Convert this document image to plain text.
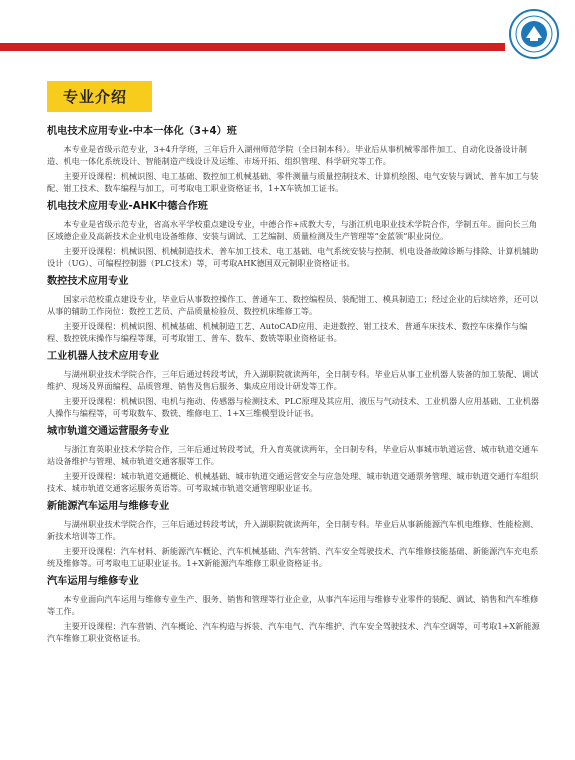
专业介绍
机电技术应用专业-中本一体化（3+4）班

本专业是省级示范专业，3+4升学班，三年后升入湖州师范学院（全日制本科）。毕业后从事机械零部件加工、自动化设备设计制造、机电一体化系统设计、智能制造产线设计及运维、市场开拓、组织管理、科学研究等工作。

主要开设课程：机械识图、电工基础、数控加工机械基础、零件测量与质量控制技术、计算机绘图、电气安装与调试、普车加工与装配、钳工技术、数车编程与加工，可考取电工职业资格证书，1+X车铣加工证书。

机电技术应用专业-AHK中德合作班

本专业是省级示范专业，省高水平学校重点建设专业，中德合作+成教大专，与浙江机电职业技术学院合作，学制五年。面向长三角区域德企业及高新技术企业机电设备维修、安装与调试、工艺编制、质量检测及生产管理等“金蓝领”职业岗位。

主要开设课程：机械识图、机械制造技术、普车加工技术、电工基础、电气系统安装与控制、机电设备故障诊断与排除、计算机辅助设计（UG）、可编程控制器（PLC技术）等，可考取AHK德国双元制职业资格证书。

数控技术应用专业

国家示范校重点建设专业，毕业后从事数控操作工、普通车工、数控编程员、装配钳工、模具制造工；经过企业的后续培养，还可以从事的辅助工作岗位：数控工艺员、产品质量检验员、数控机床维修工等。

主要开设课程：机械识图、机械基础、机械制造工艺、AutoCAD应用、走进数控、钳工技术、普通车床技术、数控车床操作与编程、数控铣床操作与编程等课，可考取钳工、普车、数车、数铣等职业资格证书。

工业机器人技术应用专业

与湖州职业技术学院合作，三年后通过转段考试，升入湖职院就读两年，全日制专科。毕业后从事工业机器人装备的加工装配、调试维护、现场及界面编程、品质管理、销售及售后服务、集成应用设计研发等工作。

主要开设课程：机械识图、电机与拖动、传感器与检测技术、PLC原理及其应用、液压与气动技术、工业机器人应用基础、工业机器人操作与编程等，可考取数车、数铣、维修电工、1+X三维模型设计证书。

城市轨道交通运营服务专业

与浙江育英职业技术学院合作，三年后通过转段考试，升入育英就读两年，全日制专科，毕业后从事城市轨道运营、城市轨道交通车站设备维护与管理、城市轨道交通客服等工作。

主要开设课程：城市轨道交通概论、机械基础、城市轨道交通运营安全与应急处理、城市轨道交通票务管理、城市轨道交通行车组织技术、城市轨道交通客运服务英语等。可考取城市轨道交通管理职业证书。

新能源汽车运用与维修专业

与湖州职业技术学院合作，三年后通过转段考试，升入湖职院就读两年，全日制专科。毕业后从事新能源汽车机电维修、性能检测、新技术培训等工作。

主要开设课程：汽车材料、新能源汽车概论、汽车机械基础、汽车营销、汽车安全驾驶技术、汽车维修技能基础、新能源汽车充电系统及维修等。可考取电工证职业证书。1+X新能源汽车维修工职业资格证书。

汽车运用与维修专业

本专业面向汽车运用与维修专业生产、服务、销售和管理等行业企业，从事汽车运用与维修专业零件的装配、调试、销售和汽车维修等工作。

主要开设课程：汽车营销、汽车概论、汽车构造与拆装、汽车电气、汽车维护、汽车安全驾驶技术、汽车空调等，可考取1+X新能源汽车维修工职业资格证书。
